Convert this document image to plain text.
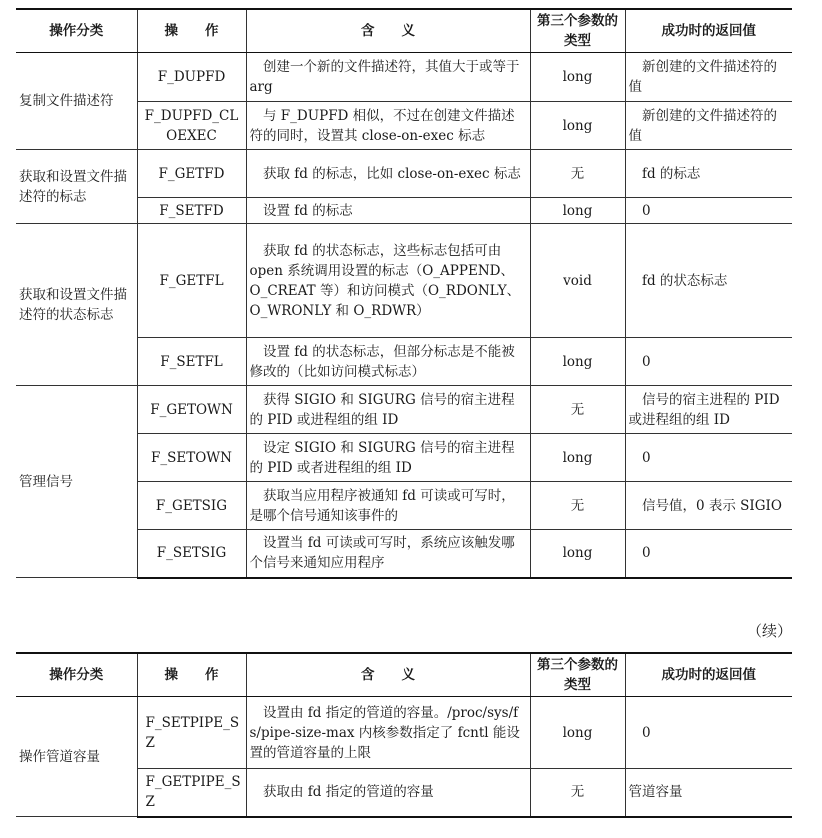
操作分类	操　　作	含　　义	第三个参数的类型	成功时的返回值
复制文件描述符	F_DUPFD	　创建一个新的文件描述符，其值大于或等于 arg	long	　新创建的文件描述符的值
	F_DUPFD_CLOEXEC	　与 F_DUPFD 相似，不过在创建文件描述符的同时，设置其 close-on-exec 标志	long	　新创建的文件描述符的值
获取和设置文件描述符的标志	F_GETFD	　获取 fd 的标志，比如 close-on-exec 标志	无	　fd 的标志
	F_SETFD	　设置 fd 的标志	long	　0
获取和设置文件描述符的状态标志	F_GETFL	　获取 fd 的状态标志，这些标志包括可由 open 系统调用设置的标志（O_APPEND、O_CREAT 等）和访问模式（O_RDONLY、O_WRONLY 和 O_RDWR）	void	　fd 的状态标志
	F_SETFL	　设置 fd 的状态标志，但部分标志是不能被修改的（比如访问模式标志）	long	　0
管理信号	F_GETOWN	　获得 SIGIO 和 SIGURG 信号的宿主进程的 PID 或进程组的组 ID	无	　信号的宿主进程的 PID 或进程组的组 ID
	F_SETOWN	　设定 SIGIO 和 SIGURG 信号的宿主进程的 PID 或者进程组的组 ID	long	　0
	F_GETSIG	　获取当应用程序被通知 fd 可读或可写时，是哪个信号通知该事件的	无	　信号值，0 表示 SIGIO
	F_SETSIG	　设置当 fd 可读或可写时，系统应该触发哪个信号来通知应用程序	long	　0
（续）
操作分类	操　　作	含　　义	第三个参数的类型	成功时的返回值
操作管道容量	F_SETPIPE_SZ	　设置由 fd 指定的管道的容量。/proc/sys/fs/pipe-size-max 内核参数指定了 fcntl 能设置的管道容量的上限	long	　0
	F_GETPIPE_SZ	　获取由 fd 指定的管道的容量	无	管道容量
